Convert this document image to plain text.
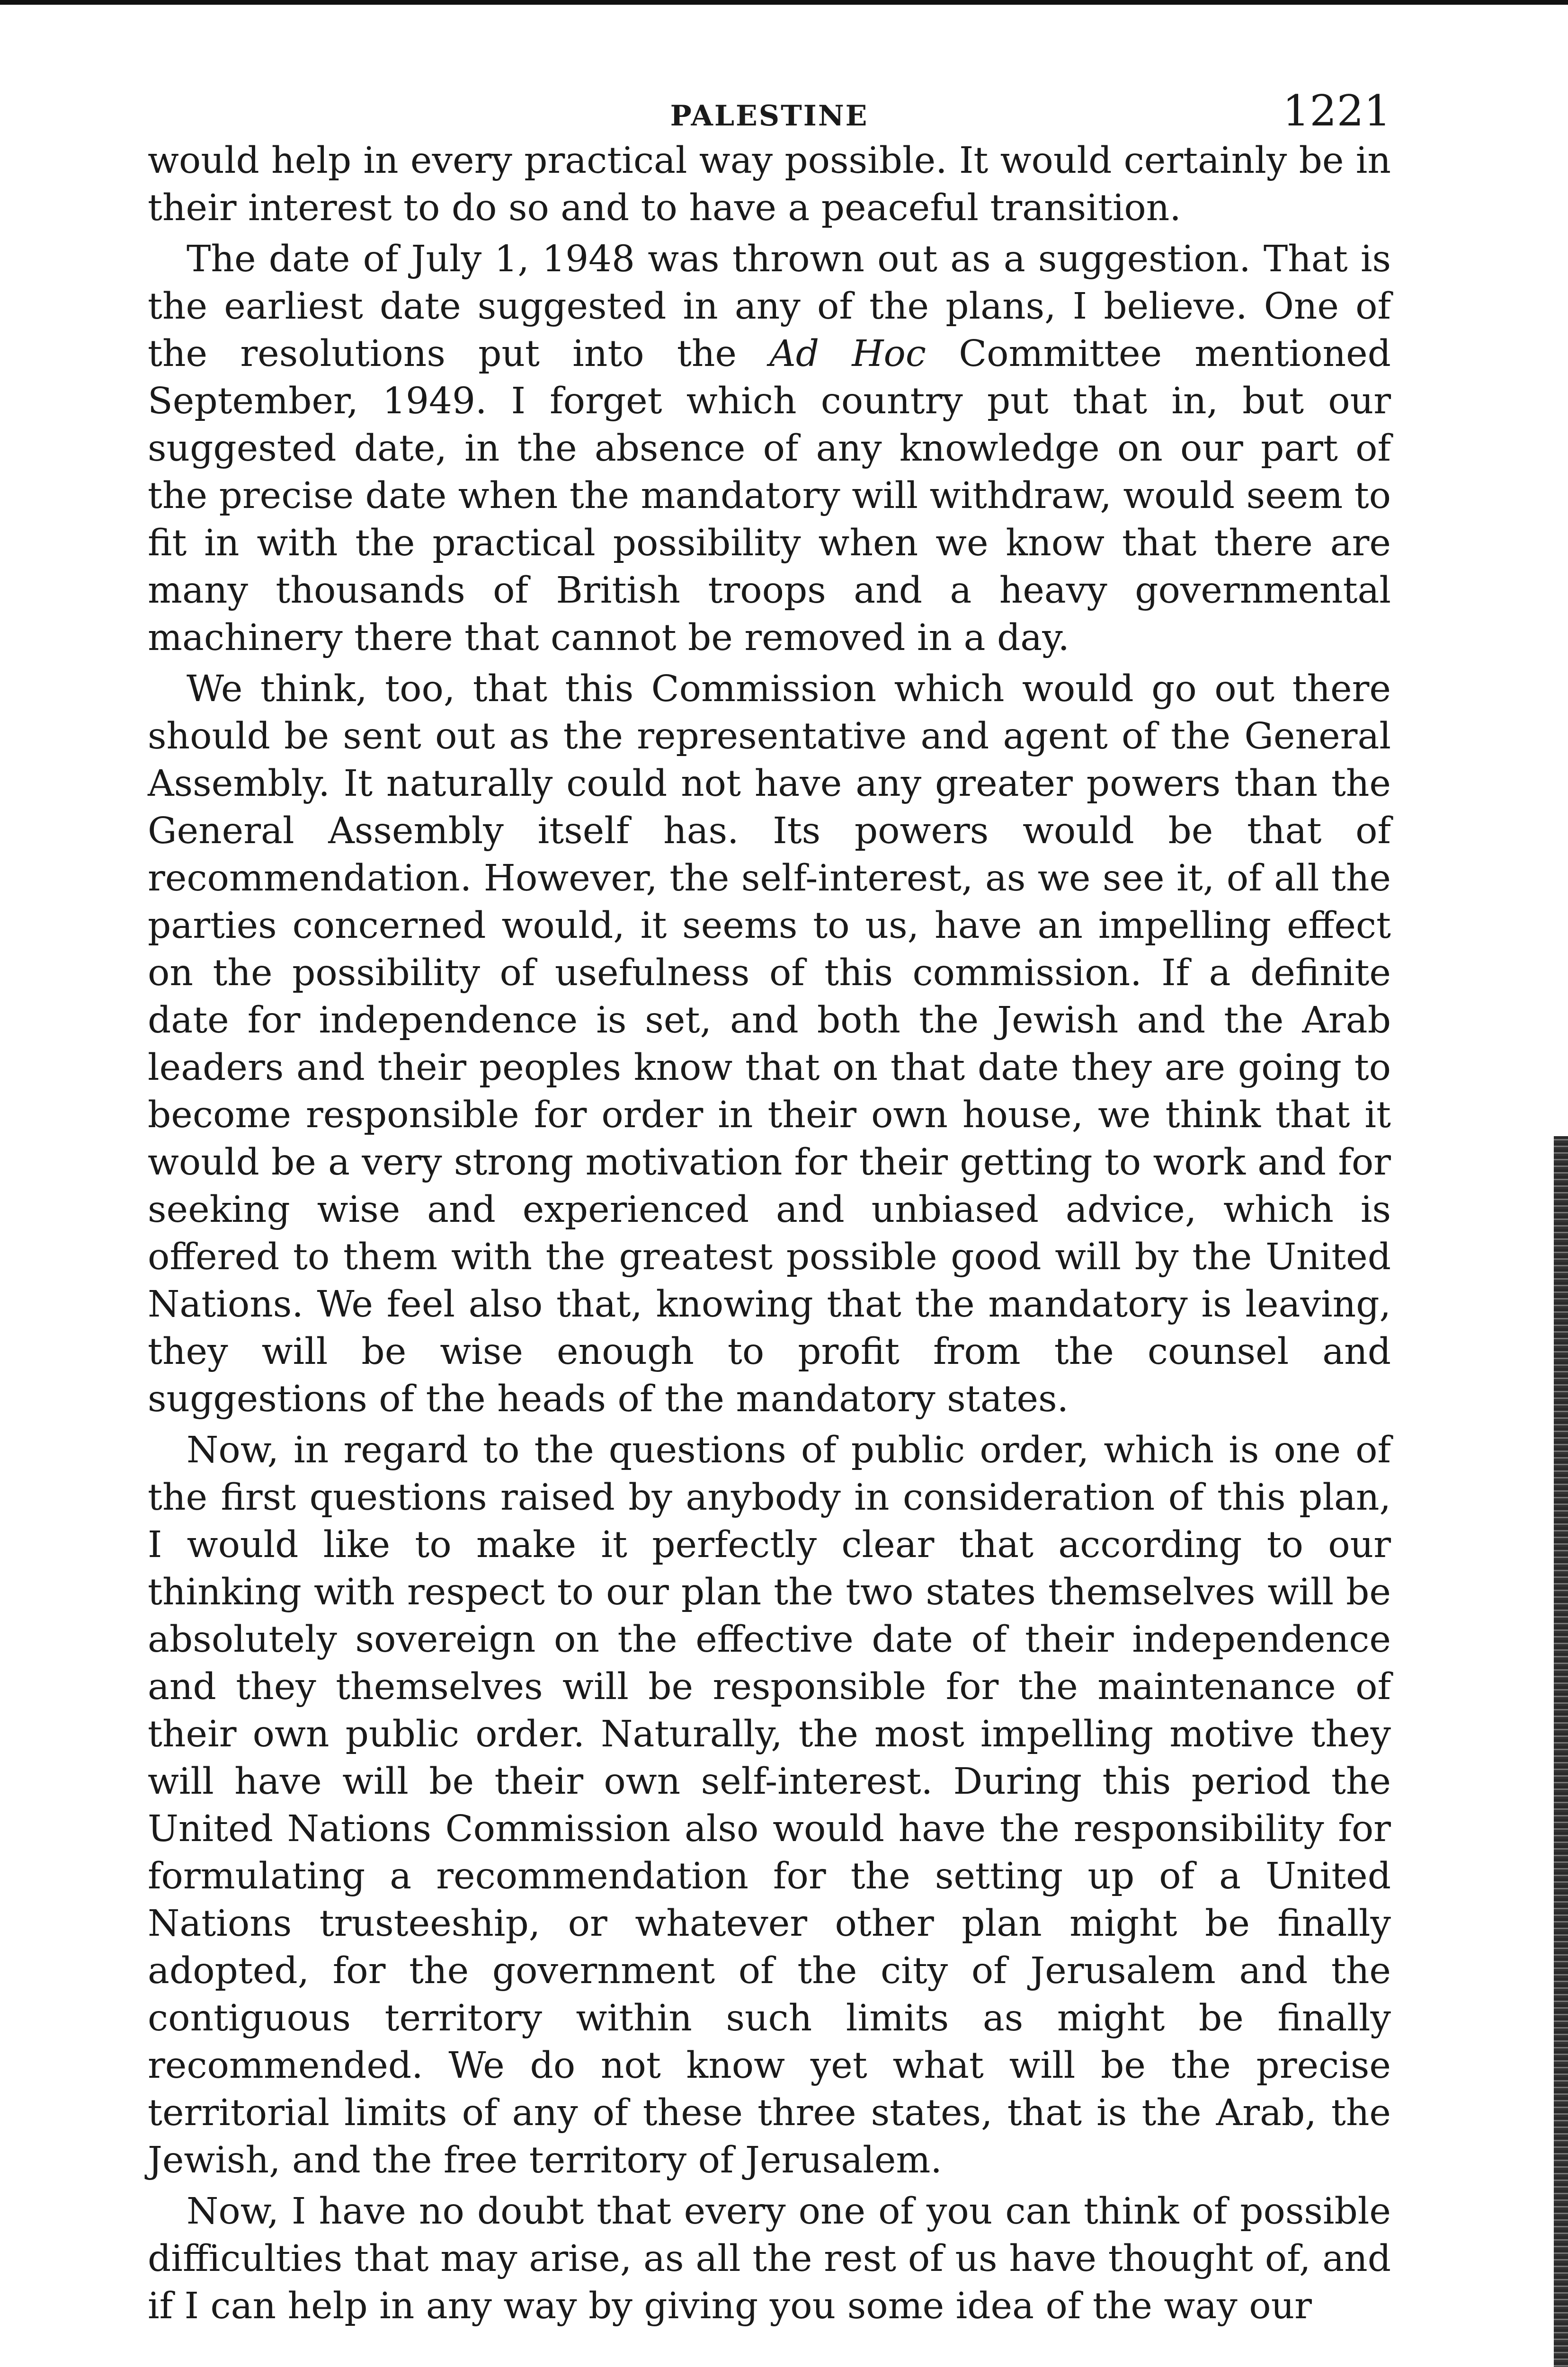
PALESTINE	1221

would help in every practical way possible. It would certainly be in their interest to do so and to have a peaceful transition.

The date of July 1, 1948 was thrown out as a suggestion. That is the earliest date suggested in any of the plans, I believe. One of the resolutions put into the Ad Hoc Committee mentioned September, 1949. I forget which country put that in, but our suggested date, in the absence of any knowledge on our part of the precise date when the mandatory will withdraw, would seem to fit in with the practical possibility when we know that there are many thousands of British troops and a heavy governmental machinery there that cannot be removed in a day.

We think, too, that this Commission which would go out there should be sent out as the representative and agent of the General Assembly. It naturally could not have any greater powers than the General Assembly itself has. Its powers would be that of recommendation. However, the self-interest, as we see it, of all the parties concerned would, it seems to us, have an impelling effect on the possibility of usefulness of this commission. If a definite date for independence is set, and both the Jewish and the Arab leaders and their peoples know that on that date they are going to become responsible for order in their own house, we think that it would be a very strong motivation for their getting to work and for seeking wise and experienced and unbiased advice, which is offered to them with the greatest possible good will by the United Nations. We feel also that, knowing that the mandatory is leaving, they will be wise enough to profit from the counsel and suggestions of the heads of the mandatory states.

Now, in regard to the questions of public order, which is one of the first questions raised by anybody in consideration of this plan, I would like to make it perfectly clear that according to our thinking with respect to our plan the two states themselves will be absolutely sovereign on the effective date of their independence and they themselves will be responsible for the maintenance of their own public order. Naturally, the most impelling motive they will have will be their own self-interest. During this period the United Nations Commission also would have the responsibility for formulating a recommendation for the setting up of a United Nations trusteeship, or whatever other plan might be finally adopted, for the government of the city of Jerusalem and the contiguous territory within such limits as might be finally recommended. We do not know yet what will be the precise territorial limits of any of these three states, that is the Arab, the Jewish, and the free territory of Jerusalem.

Now, I have no doubt that every one of you can think of possible difficulties that may arise, as all the rest of us have thought of, and if I can help in any way by giving you some idea of the way our
